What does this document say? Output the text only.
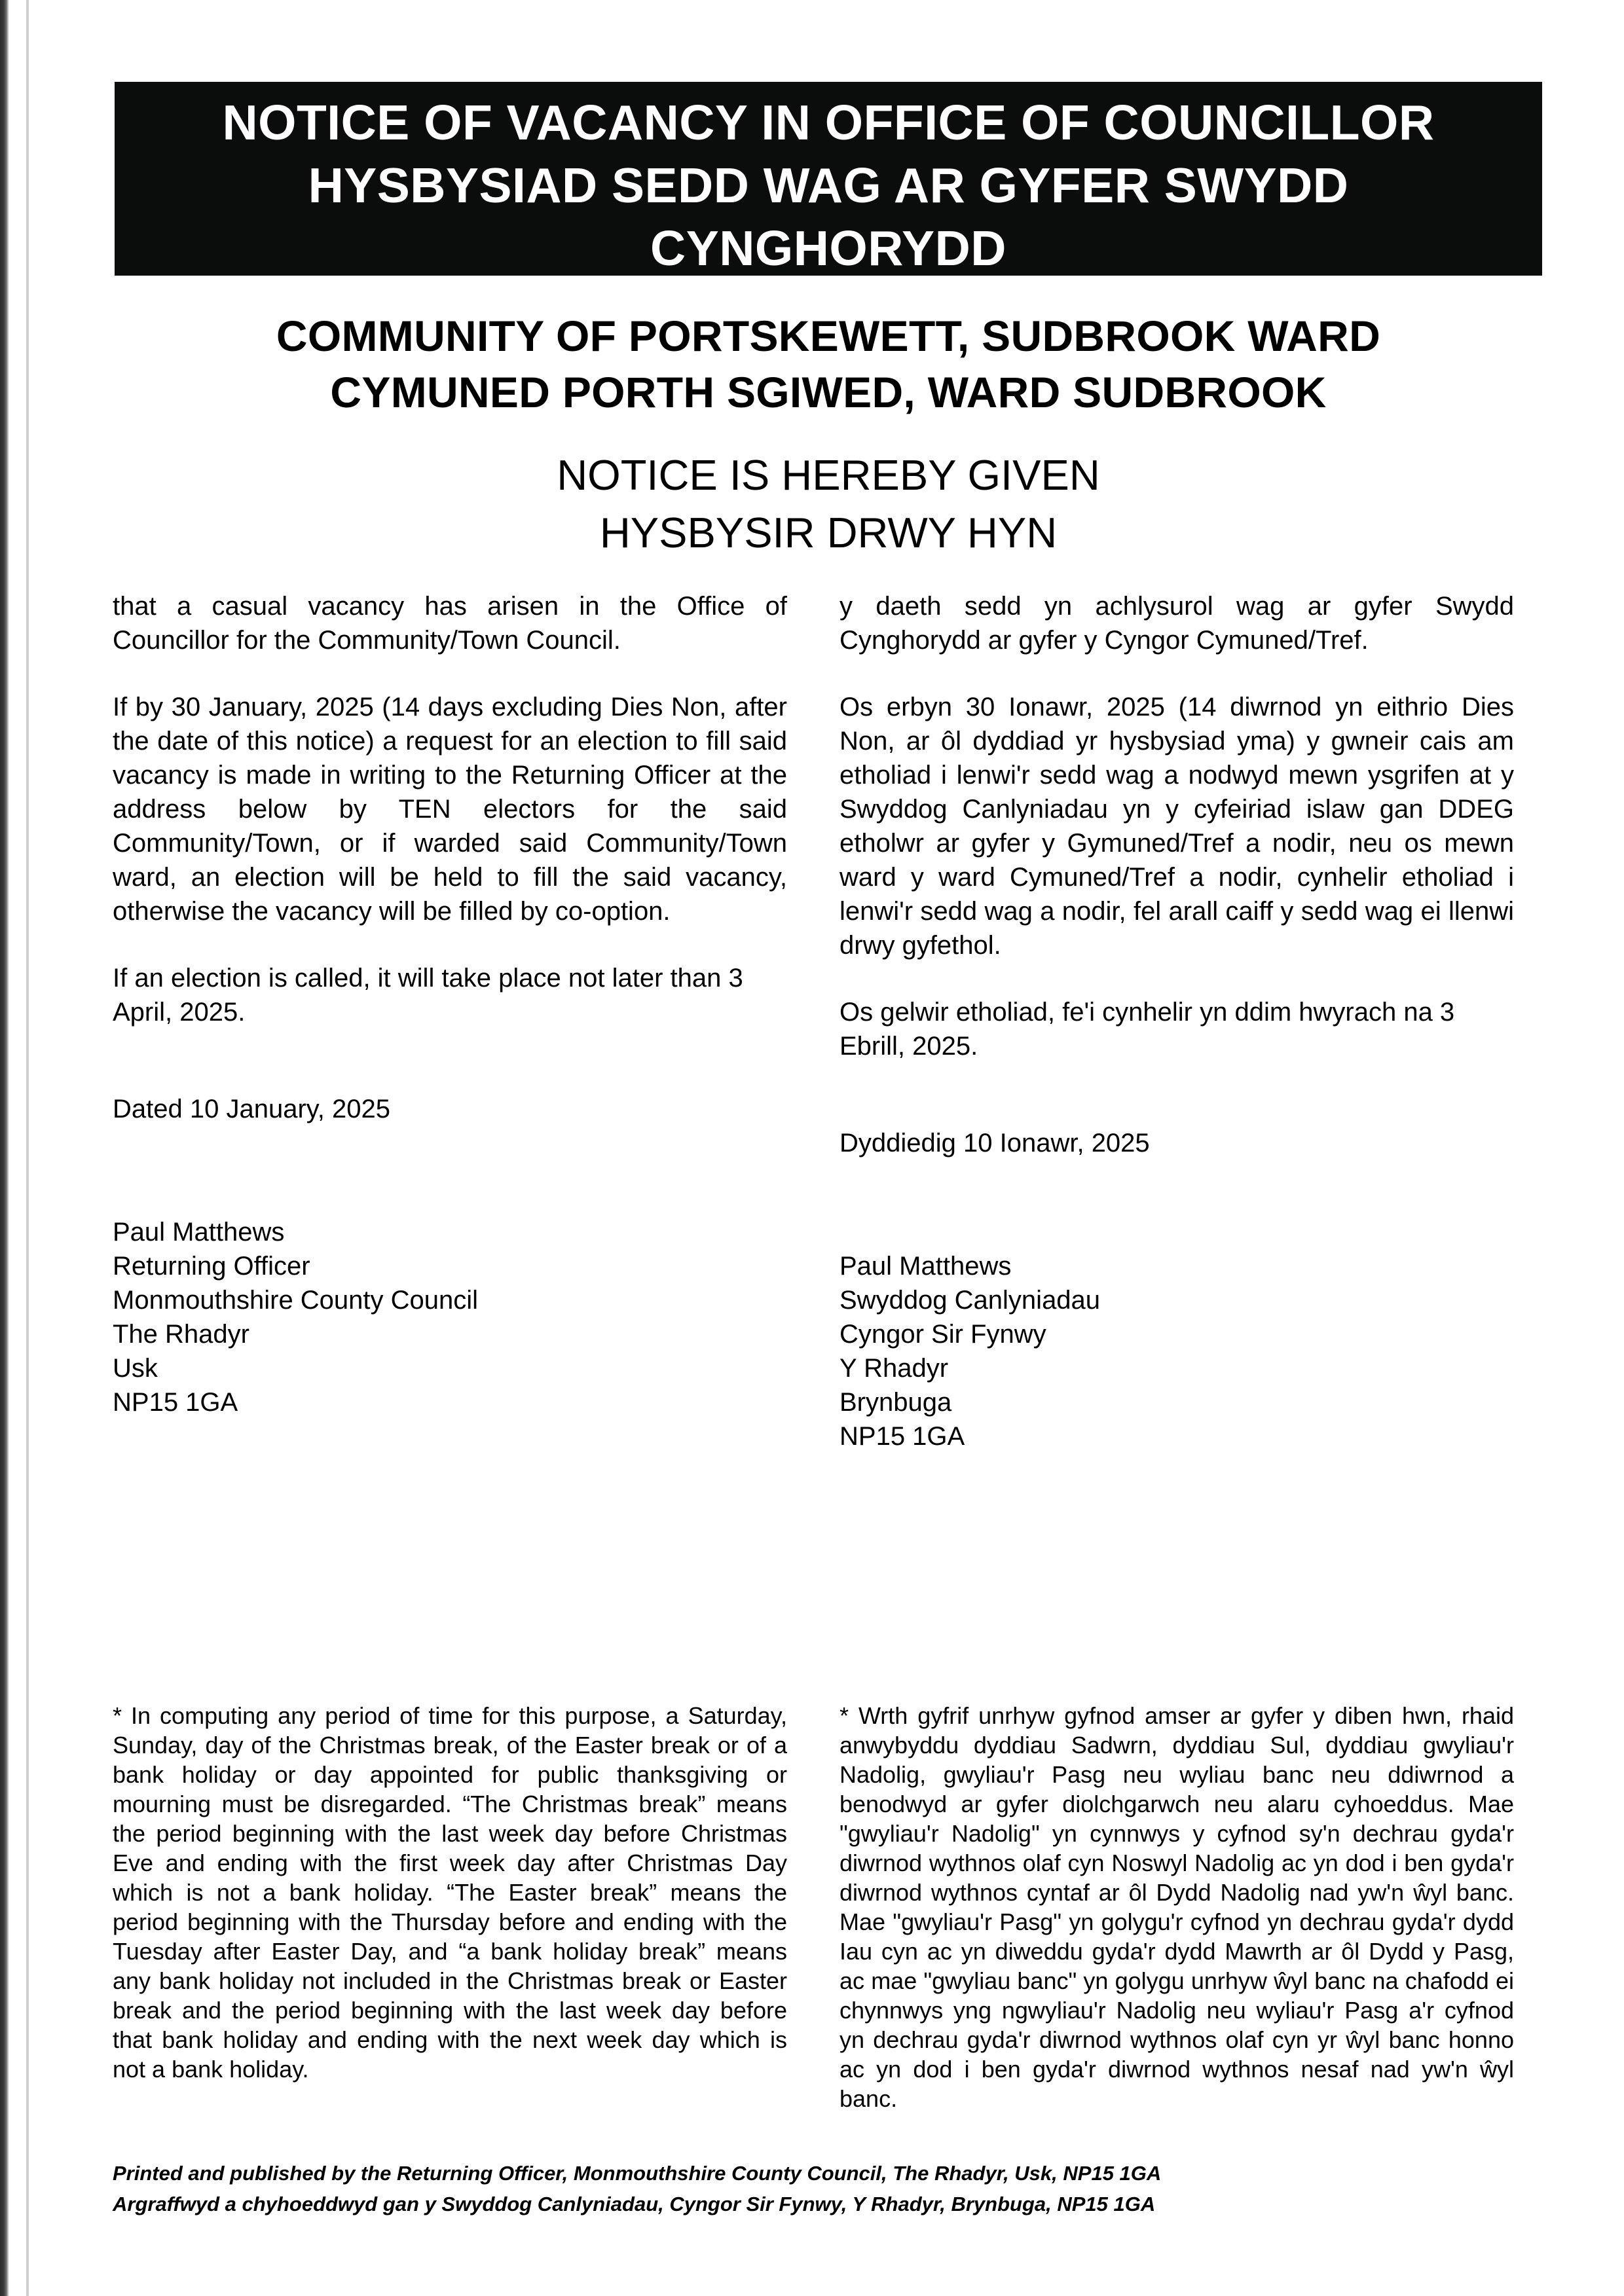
NOTICE OF VACANCY IN OFFICE OF COUNCILLOR
HYSBYSIAD SEDD WAG AR GYFER SWYDD
CYNGHORYDD
COMMUNITY OF PORTSKEWETT, SUDBROOK WARD
CYMUNED PORTH SGIWED, WARD SUDBROOK
NOTICE IS HEREBY GIVEN
HYSBYSIR DRWY HYN

that a casual vacancy has arisen in the Office of Councillor for the Community/Town Council.

If by 30 January, 2025 (14 days excluding Dies Non, after the date of this notice) a request for an election to fill said vacancy is made in writing to the Returning Officer at the address below by TEN electors for the said Community/Town, or if warded said Community/Town ward, an election will be held to fill the said vacancy, otherwise the vacancy will be filled by co-option.

If an election is called, it will take place not later than 3 April, 2025.

Dated 10 January, 2025

Paul Matthews
Returning Officer
Monmouthshire County Council
The Rhadyr
Usk
NP15 1GA

y daeth sedd yn achlysurol wag ar gyfer Swydd Cynghorydd ar gyfer y Cyngor Cymuned/Tref.

Os erbyn 30 Ionawr, 2025 (14 diwrnod yn eithrio Dies Non, ar ôl dyddiad yr hysbysiad yma) y gwneir cais am etholiad i lenwi'r sedd wag a nodwyd mewn ysgrifen at y Swyddog Canlyniadau yn y cyfeiriad islaw gan DDEG etholwr ar gyfer y Gymuned/Tref a nodir, neu os mewn ward y ward Cymuned/Tref a nodir, cynhelir etholiad i lenwi'r sedd wag a nodir, fel arall caiff y sedd wag ei llenwi drwy gyfethol.

Os gelwir etholiad, fe'i cynhelir yn ddim hwyrach na 3 Ebrill, 2025.

Dyddiedig 10 Ionawr, 2025

Paul Matthews
Swyddog Canlyniadau
Cyngor Sir Fynwy
Y Rhadyr
Brynbuga
NP15 1GA

* In computing any period of time for this purpose, a Saturday, Sunday, day of the Christmas break, of the Easter break or of a bank holiday or day appointed for public thanksgiving or mourning must be disregarded. “The Christmas break” means the period beginning with the last week day before Christmas Eve and ending with the first week day after Christmas Day which is not a bank holiday. “The Easter break” means the period beginning with the Thursday before and ending with the Tuesday after Easter Day, and “a bank holiday break” means any bank holiday not included in the Christmas break or Easter break and the period beginning with the last week day before that bank holiday and ending with the next week day which is not a bank holiday.

* Wrth gyfrif unrhyw gyfnod amser ar gyfer y diben hwn, rhaid anwybyddu dyddiau Sadwrn, dyddiau Sul, dyddiau gwyliau'r Nadolig, gwyliau'r Pasg neu wyliau banc neu ddiwrnod a benodwyd ar gyfer diolchgarwch neu alaru cyhoeddus. Mae "gwyliau'r Nadolig" yn cynnwys y cyfnod sy'n dechrau gyda'r diwrnod wythnos olaf cyn Noswyl Nadolig ac yn dod i ben gyda'r diwrnod wythnos cyntaf ar ôl Dydd Nadolig nad yw'n ŵyl banc. Mae "gwyliau'r Pasg" yn golygu'r cyfnod yn dechrau gyda'r dydd Iau cyn ac yn diweddu gyda'r dydd Mawrth ar ôl Dydd y Pasg, ac mae "gwyliau banc" yn golygu unrhyw ŵyl banc na chafodd ei chynnwys yng ngwyliau'r Nadolig neu wyliau'r Pasg a'r cyfnod yn dechrau gyda'r diwrnod wythnos olaf cyn yr ŵyl banc honno ac yn dod i ben gyda'r diwrnod wythnos nesaf nad yw'n ŵyl banc.

Printed and published by the Returning Officer, Monmouthshire County Council, The Rhadyr, Usk, NP15 1GA
Argraffwyd a chyhoeddwyd gan y Swyddog Canlyniadau, Cyngor Sir Fynwy, Y Rhadyr, Brynbuga, NP15 1GA
